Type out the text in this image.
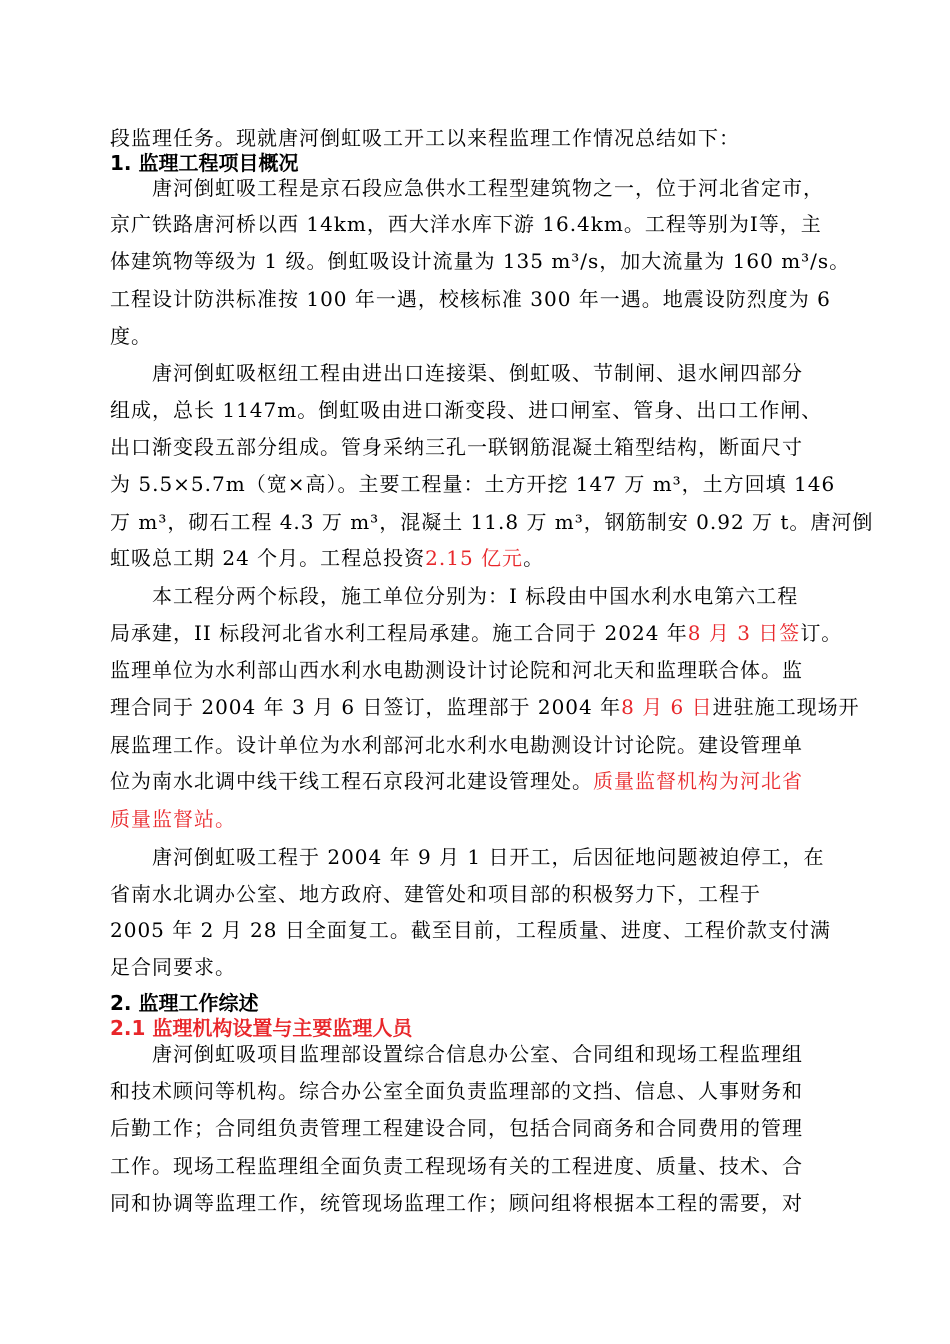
段监理任务。现就唐河倒虹吸工开工以来程监理工作情况总结如下：
1. 监理工程项目概况
唐河倒虹吸工程是京石段应急供水工程型建筑物之一，位于河北省定市，
京广铁路唐河桥以西 14km，西大洋水库下游 16.4km。工程等别为Ⅰ等，主
体建筑物等级为 1 级。倒虹吸设计流量为 135 m³/s，加大流量为 160 m³/s。
工程设计防洪标准按 100 年一遇，校核标准 300 年一遇。地震设防烈度为 6
度。
唐河倒虹吸枢纽工程由进出口连接渠、倒虹吸、节制闸、退水闸四部分
组成，总长 1147m。倒虹吸由进口渐变段、进口闸室、管身、出口工作闸、
出口渐变段五部分组成。管身采纳三孔一联钢筋混凝土箱型结构，断面尺寸
为 5.5×5.7m（宽×高）。主要工程量：土方开挖 147 万 m³，土方回填 146
万 m³，砌石工程 4.3 万 m³，混凝土 11.8 万 m³，钢筋制安 0.92 万 t。唐河倒
虹吸总工期 24 个月。工程总投资2.15 亿元。
本工程分两个标段，施工单位分别为：I 标段由中国水利水电第六工程
局承建，II 标段河北省水利工程局承建。施工合同于 2024 年8 月 3 日签订。
监理单位为水利部山西水利水电勘测设计讨论院和河北天和监理联合体。监
理合同于 2004 年 3 月 6 日签订，监理部于 2004 年8 月 6 日进驻施工现场开
展监理工作。设计单位为水利部河北水利水电勘测设计讨论院。建设管理单
位为南水北调中线干线工程石京段河北建设管理处。质量监督机构为河北省
质量监督站。
唐河倒虹吸工程于 2004 年 9 月 1 日开工，后因征地问题被迫停工，在
省南水北调办公室、地方政府、建管处和项目部的积极努力下，工程于
2005 年 2 月 28 日全面复工。截至目前，工程质量、进度、工程价款支付满
足合同要求。
2. 监理工作综述
2.1 监理机构设置与主要监理人员
唐河倒虹吸项目监理部设置综合信息办公室、合同组和现场工程监理组
和技术顾问等机构。综合办公室全面负责监理部的文挡、信息、人事财务和
后勤工作；合同组负责管理工程建设合同，包括合同商务和合同费用的管理
工作。现场工程监理组全面负责工程现场有关的工程进度、质量、技术、合
同和协调等监理工作，统管现场监理工作；顾问组将根据本工程的需要，对
